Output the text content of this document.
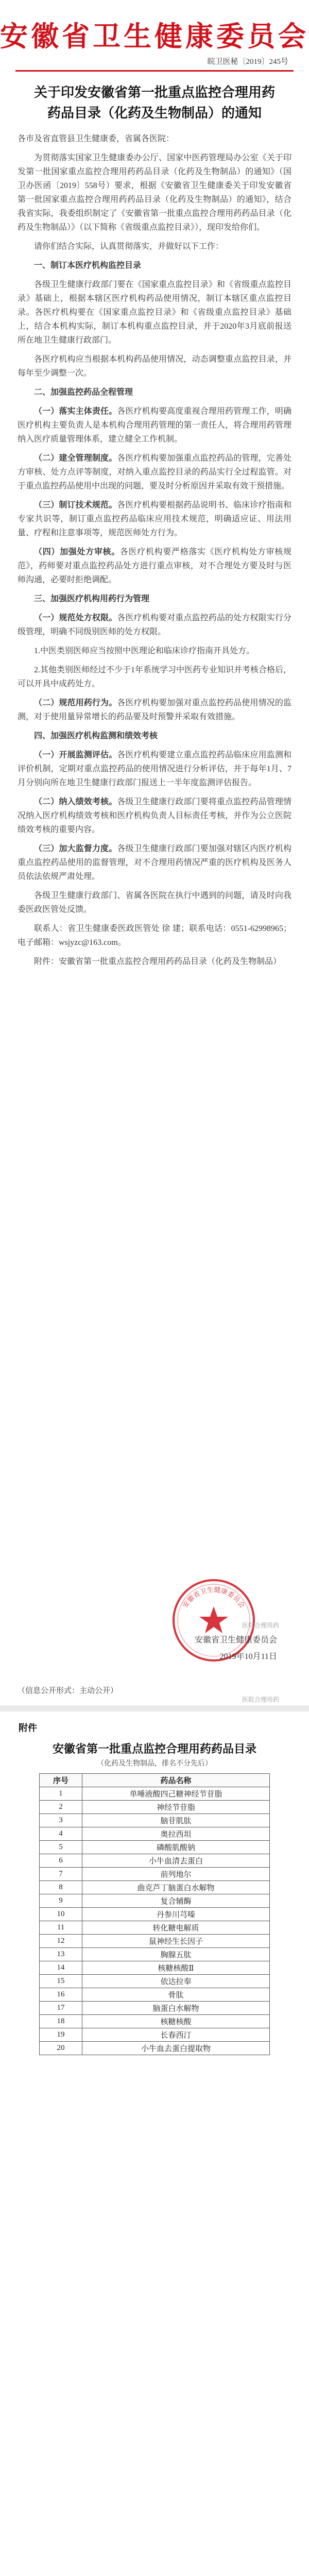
安徽省卫生健康委员会
皖卫医秘〔2019〕245号
关于印发安徽省第一批重点监控合理用药药品目录（化药及生物制品）的通知

各市及省直管县卫生健康委，省属各医院：

为贯彻落实国家卫生健康委办公厅、国家中医药管理局办公室《关于印发第一批国家重点监控合理用药药品目录（化药及生物制品）的通知》（国卫办医函〔2019〕558号）要求，根据《安徽省卫生健康委关于印发安徽省第一批国家重点监控合理用药药品目录（化药及生物制品）的通知》，结合我省实际，我委组织制定了《安徽省第一批重点监控合理用药药品目录（化药及生物制品）》（以下简称《省级重点监控目录》），现印发给你们。

请你们结合实际，认真贯彻落实，并做好以下工作：

一、制订本医疗机构监控目录

各级卫生健康行政部门要在《国家重点监控目录》和《省级重点监控目录》基础上，根据本辖区医疗机构药品使用情况，制订本辖区重点监控目录。各医疗机构要在《国家重点监控目录》和《省级重点监控目录》基础上，结合本机构实际，制订本机构重点监控目录，并于2020年3月底前报送所在地卫生健康行政部门。

各医疗机构应当根据本机构药品使用情况，动态调整重点监控目录，并每年至少调整一次。

二、加强监控药品全程管理

（一）落实主体责任。各医疗机构要高度重视合理用药管理工作，明确医疗机构主要负责人是本机构合理用药管理的第一责任人，将合理用药管理纳入医疗质量管理体系，建立健全工作机制。

（二）建全管理制度。各医疗机构要加强重点监控药品的管理，完善处方审核、处方点评等制度，对纳入重点监控目录的药品实行全过程监管。对于重点监控药品使用中出现的问题，要及时分析原因并采取有效干预措施。

（三）制订技术规范。各医疗机构要根据药品说明书、临床诊疗指南和专家共识等，制订重点监控药品临床应用技术规范，明确适应证、用法用量、疗程和注意事项等，规范医师处方行为。

（四）加强处方审核。各医疗机构要严格落实《医疗机构处方审核规范》，药师要对重点监控药品处方进行重点审核，对不合理处方要及时与医师沟通，必要时拒绝调配。

三、加强医疗机构用药行为管理

（一）规范处方权限。各医疗机构要对重点监控药品的处方权限实行分级管理，明确不同级别医师的处方权限。

1.中医类别医师应当按照中医理论和临床诊疗指南开具处方。

2.其他类别医师经过不少于1年系统学习中医药专业知识并考核合格后，可以开具中成药处方。

（二）规范用药行为。各医疗机构要加强对重点监控药品使用情况的监测，对于使用量异常增长的药品要及时预警并采取有效措施。

四、加强医疗机构监测和绩效考核

（一）开展监测评估。各医疗机构要建立重点监控药品临床应用监测和评价机制，定期对重点监控药品的使用情况进行分析评估，并于每年1月、7月分别向所在地卫生健康行政部门报送上一半年度监测评估报告。

（二）纳入绩效考核。各级卫生健康行政部门要将重点监控药品管理情况纳入医疗机构绩效考核和医疗机构负责人目标责任考核，并作为公立医院绩效考核的重要内容。

（三）加大监督力度。各级卫生健康行政部门要加强对辖区内医疗机构重点监控药品使用的监督管理，对不合理用药情况严重的医疗机构及医务人员依法依规严肃处理。

各级卫生健康行政部门、省属各医院在执行中遇到的问题，请及时向我委医政医管处反馈。

联系人：省卫生健康委医政医管处 徐 建；联系电话：0551-62998965；电子邮箱：wsjyzc@163.com。

附件：安徽省第一批重点监控合理用药药品目录（化药及生物制品）

安徽省卫生健康委员会
安徽省卫生健康委员会
2019年10月11日
（信息公开形式：主动公开）
附件
安徽省第一批重点监控合理用药药品目录
（化药及生物制品，排名不分先后）
序号	药品名称
1	单唾液酸四己糖神经节苷脂
2	神经节苷脂
3	脑苷肌肽
4	奥拉西坦
5	磷酸肌酸钠
6	小牛血清去蛋白
7	前列地尔
8	曲克芦丁脑蛋白水解物
9	复合辅酶
10	丹参川芎嗪
11	转化糖电解质
12	鼠神经生长因子
13	胸腺五肽
14	核糖核酸Ⅱ
15	依达拉奉
16	骨肽
17	脑蛋白水解物
18	核糖核酸
19	长春西汀
20	小牛血去蛋白提取物
医院合理用药
医院合理用药
